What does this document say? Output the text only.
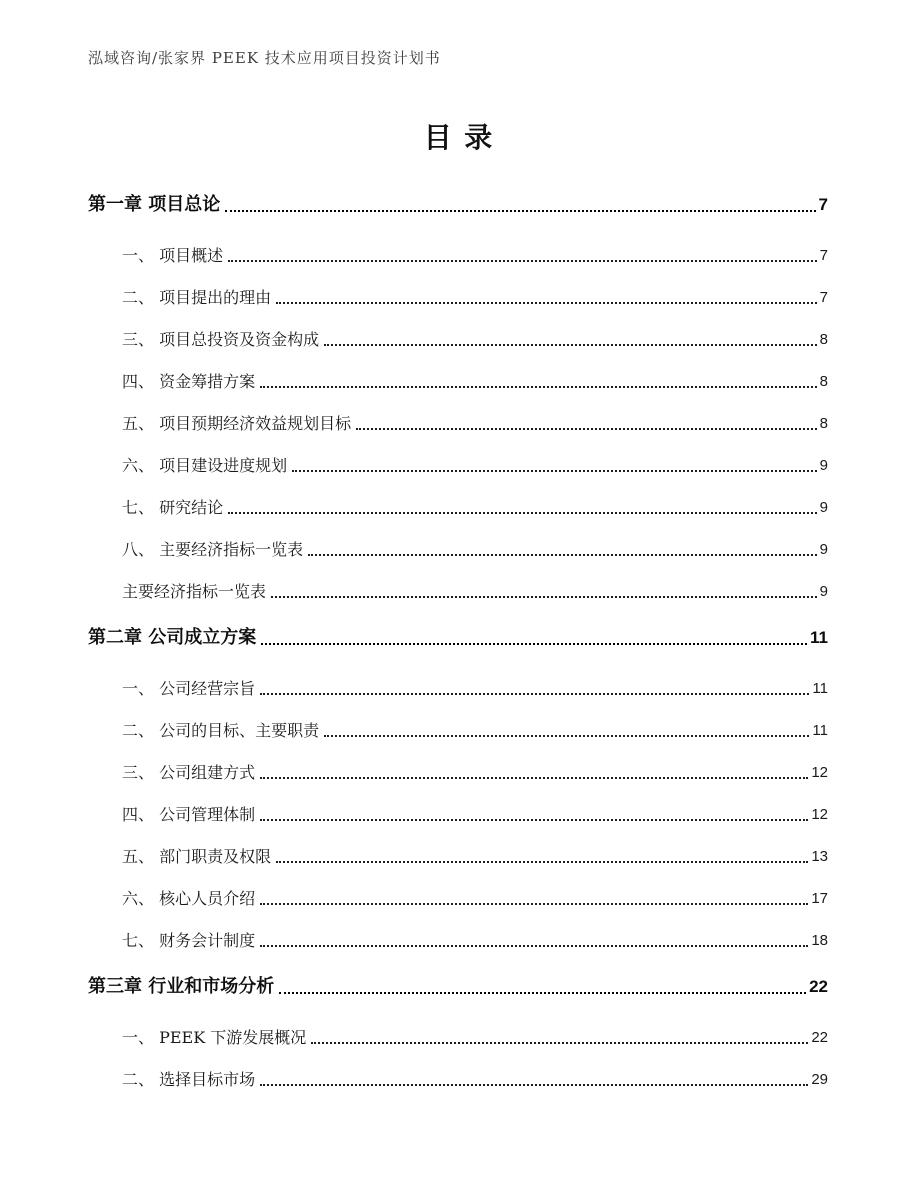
泓域咨询/张家界 PEEK 技术应用项目投资计划书
目录
第一章 项目总论	7
一、 项目概述	7
二、 项目提出的理由	7
三、 项目总投资及资金构成	8
四、 资金筹措方案	8
五、 项目预期经济效益规划目标	8
六、 项目建设进度规划	9
七、 研究结论	9
八、 主要经济指标一览表	9
主要经济指标一览表	9
第二章 公司成立方案	11
一、 公司经营宗旨	11
二、 公司的目标、主要职责	11
三、 公司组建方式	12
四、 公司管理体制	12
五、 部门职责及权限	13
六、 核心人员介绍	17
七、 财务会计制度	18
第三章 行业和市场分析	22
一、 PEEK 下游发展概况	22
二、 选择目标市场	29
